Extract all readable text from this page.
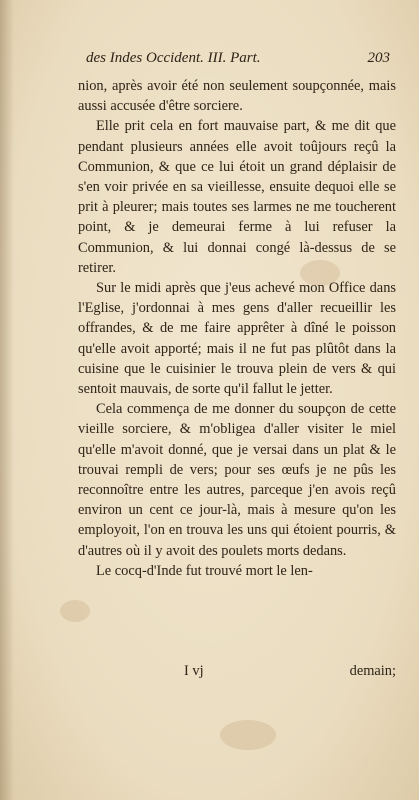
des Indes Occident. III. Part.	203

nion, après avoir été non seulement soupçonnée, mais aussi accusée d'être sorciere.

Elle prit cela en fort mauvaise part, & me dit que pendant plusieurs années elle avoit toûjours reçû la Communion, & que ce lui étoit un grand déplaisir de s'en voir privée en sa vieillesse, ensuite dequoi elle se prit à pleurer; mais toutes ses larmes ne me toucherent point, & je demeurai ferme à lui refuser la Communion, & lui donnai congé là-dessus de se retirer.

Sur le midi après que j'eus achevé mon Office dans l'Eglise, j'ordonnai à mes gens d'aller recueillir les offrandes, & de me faire apprêter à dîné le poisson qu'elle avoit apporté; mais il ne fut pas plûtôt dans la cuisine que le cuisinier le trouva plein de vers & qui sentoit mauvais, de sorte qu'il fallut le jetter.

Cela commença de me donner du soupçon de cette vieille sorciere, & m'obligea d'aller visiter le miel qu'elle m'avoit donné, que je versai dans un plat & le trouvai rempli de vers; pour ses œufs je ne pûs les reconnoître entre les autres, parceque j'en avois reçû environ un cent ce jour-là, mais à mesure qu'on les employoit, l'on en trouva les uns qui étoient pourris, & d'autres où il y avoit des poulets morts dedans.

Le cocq-d'Inde fut trouvé mort le len-

I vj	demain;
